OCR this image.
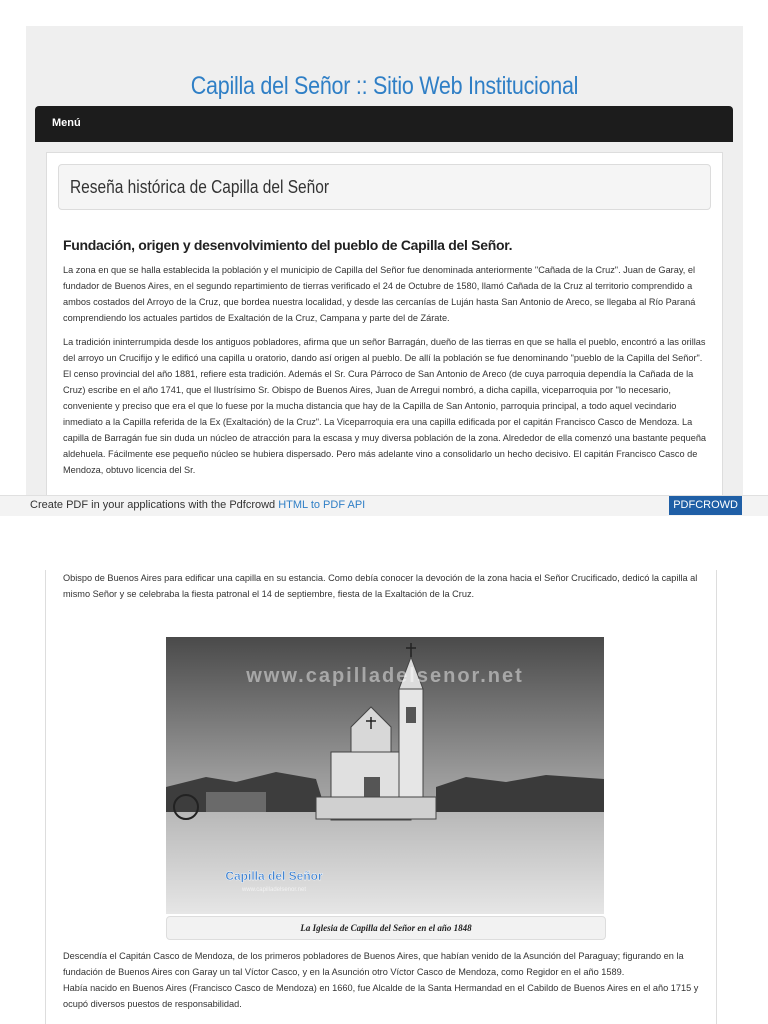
Capilla del Señor :: Sitio Web Institucional
Menú
Reseña histórica de Capilla del Señor
Fundación, origen y desenvolvimiento del pueblo de Capilla del Señor.

La zona en que se halla establecida la población y el municipio de Capilla del Señor fue denominada anteriormente "Cañada de la Cruz". Juan de Garay, el fundador de Buenos Aires, en el segundo repartimiento de tierras verificado el 24 de Octubre de 1580, llamó Cañada de la Cruz al territorio comprendido a ambos costados del Arroyo de la Cruz, que bordea nuestra localidad, y desde las cercanías de Luján hasta San Antonio de Areco, se llegaba al Río Paraná comprendiendo los actuales partidos de Exaltación de la Cruz, Campana y parte del de Zárate.

La tradición ininterrumpida desde los antiguos pobladores, afirma que un señor Barragán, dueño de las tierras en que se halla el pueblo, encontró a las orillas del arroyo un Crucifijo y le edificó una capilla u oratorio, dando así origen al pueblo. De allí la población se fue denominando "pueblo de la Capilla del Señor". El censo provincial del año 1881, refiere esta tradición. Además el Sr. Cura Párroco de San Antonio de Areco (de cuya parroquia dependía la Cañada de la Cruz) escribe en el año 1741, que el Ilustrísimo Sr. Obispo de Buenos Aires, Juan de Arregui nombró, a dicha capilla, viceparroquia por "lo necesario, conveniente y preciso que era el que lo fuese por la mucha distancia que hay de la Capilla de San Antonio, parroquia principal, a todo aquel vecindario inmediato a la Capilla referida de la Ex (Exaltación) de la Cruz". La Viceparroquia era una capilla edificada por el capitán Francisco Casco de Mendoza. La capilla de Barragán fue sin duda un núcleo de atracción para la escasa y muy diversa población de la zona. Alrededor de ella comenzó una bastante pequeña aldehuela. Fácilmente ese pequeño núcleo se hubiera dispersado. Pero más adelante vino a consolidarlo un hecho decisivo. El capitán Francisco Casco de Mendoza, obtuvo licencia del Sr.

Create PDF in your applications with the Pdfcrowd HTML to PDF API	PDFCROWD

Obispo de Buenos Aires para edificar una capilla en su estancia. Como debía conocer la devoción de la zona hacia el Señor Crucificado, dedicó la capilla al mismo Señor y se celebraba la fiesta patronal el 14 de septiembre, fiesta de la Exaltación de la Cruz.

www.capilladelsenor.net
Capilla del Señor
www.capilladelsenor.net
La Iglesia de Capilla del Señor en el año 1848

Descendía el Capitán Casco de Mendoza, de los primeros pobladores de Buenos Aires, que habían venido de la Asunción del Paraguay; figurando en la fundación de Buenos Aires con Garay un tal Víctor Casco, y en la Asunción otro Víctor Casco de Mendoza, como Regidor en el año 1589.
Había nacido en Buenos Aires (Francisco Casco de Mendoza) en 1660, fue Alcalde de la Santa Hermandad en el Cabildo de Buenos Aires en el año 1715 y ocupó diversos puestos de responsabilidad.
